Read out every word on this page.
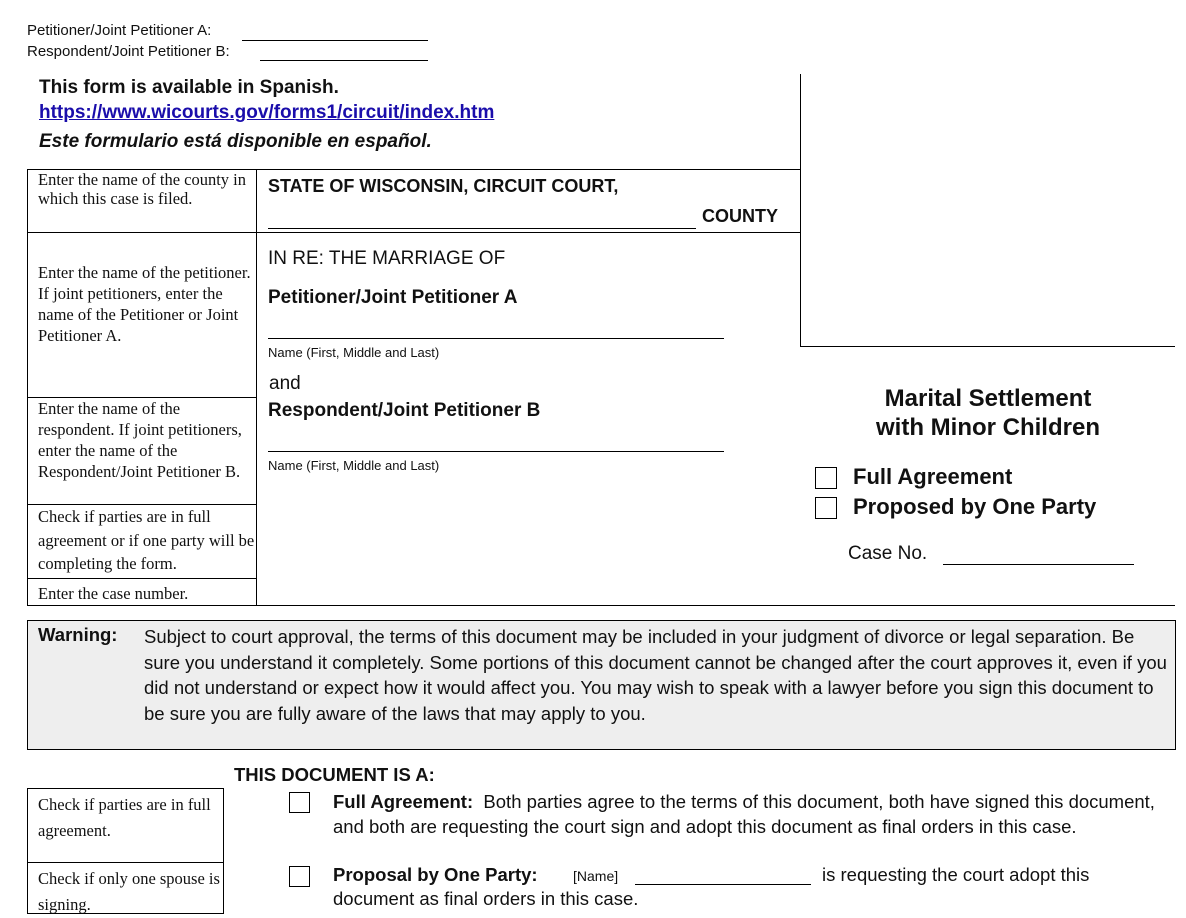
Petitioner/Joint Petitioner A:
Respondent/Joint Petitioner B:
This form is available in Spanish.
https://www.wicourts.gov/forms1/circuit/index.htm
Este formulario está disponible en español.
Enter the name of the county in which this case is filed.
Enter the name of the petitioner. If joint petitioners, enter the name of the Petitioner or Joint Petitioner A.
Enter the name of the respondent. If joint petitioners, enter the name of the Respondent/Joint Petitioner B.
Check if parties are in full agreement or if one party will be completing the form.
Enter the case number.
STATE OF WISCONSIN, CIRCUIT COURT,
COUNTY
IN RE: THE MARRIAGE OF
Petitioner/Joint Petitioner A
Name (First, Middle and Last)
and
Respondent/Joint Petitioner B
Name (First, Middle and Last)
Marital Settlement
with Minor Children
Full Agreement
Proposed by One Party
Case No.
Warning: Subject to court approval, the terms of this document may be included in your judgment of divorce or legal separation. Be sure you understand it completely. Some portions of this document cannot be changed after the court approves it, even if you did not understand or expect how it would affect you. You may wish to speak with a lawyer before you sign this document to be sure you are fully aware of the laws that may apply to you.
THIS DOCUMENT IS A:
Check if parties are in full agreement.
Check if only one spouse is signing.
Full Agreement: Both parties agree to the terms of this document, both have signed this document, and both are requesting the court sign and adopt this document as final orders in this case.
Proposal by One Party:	[Name]	is requesting the court adopt this
document as final orders in this case.
